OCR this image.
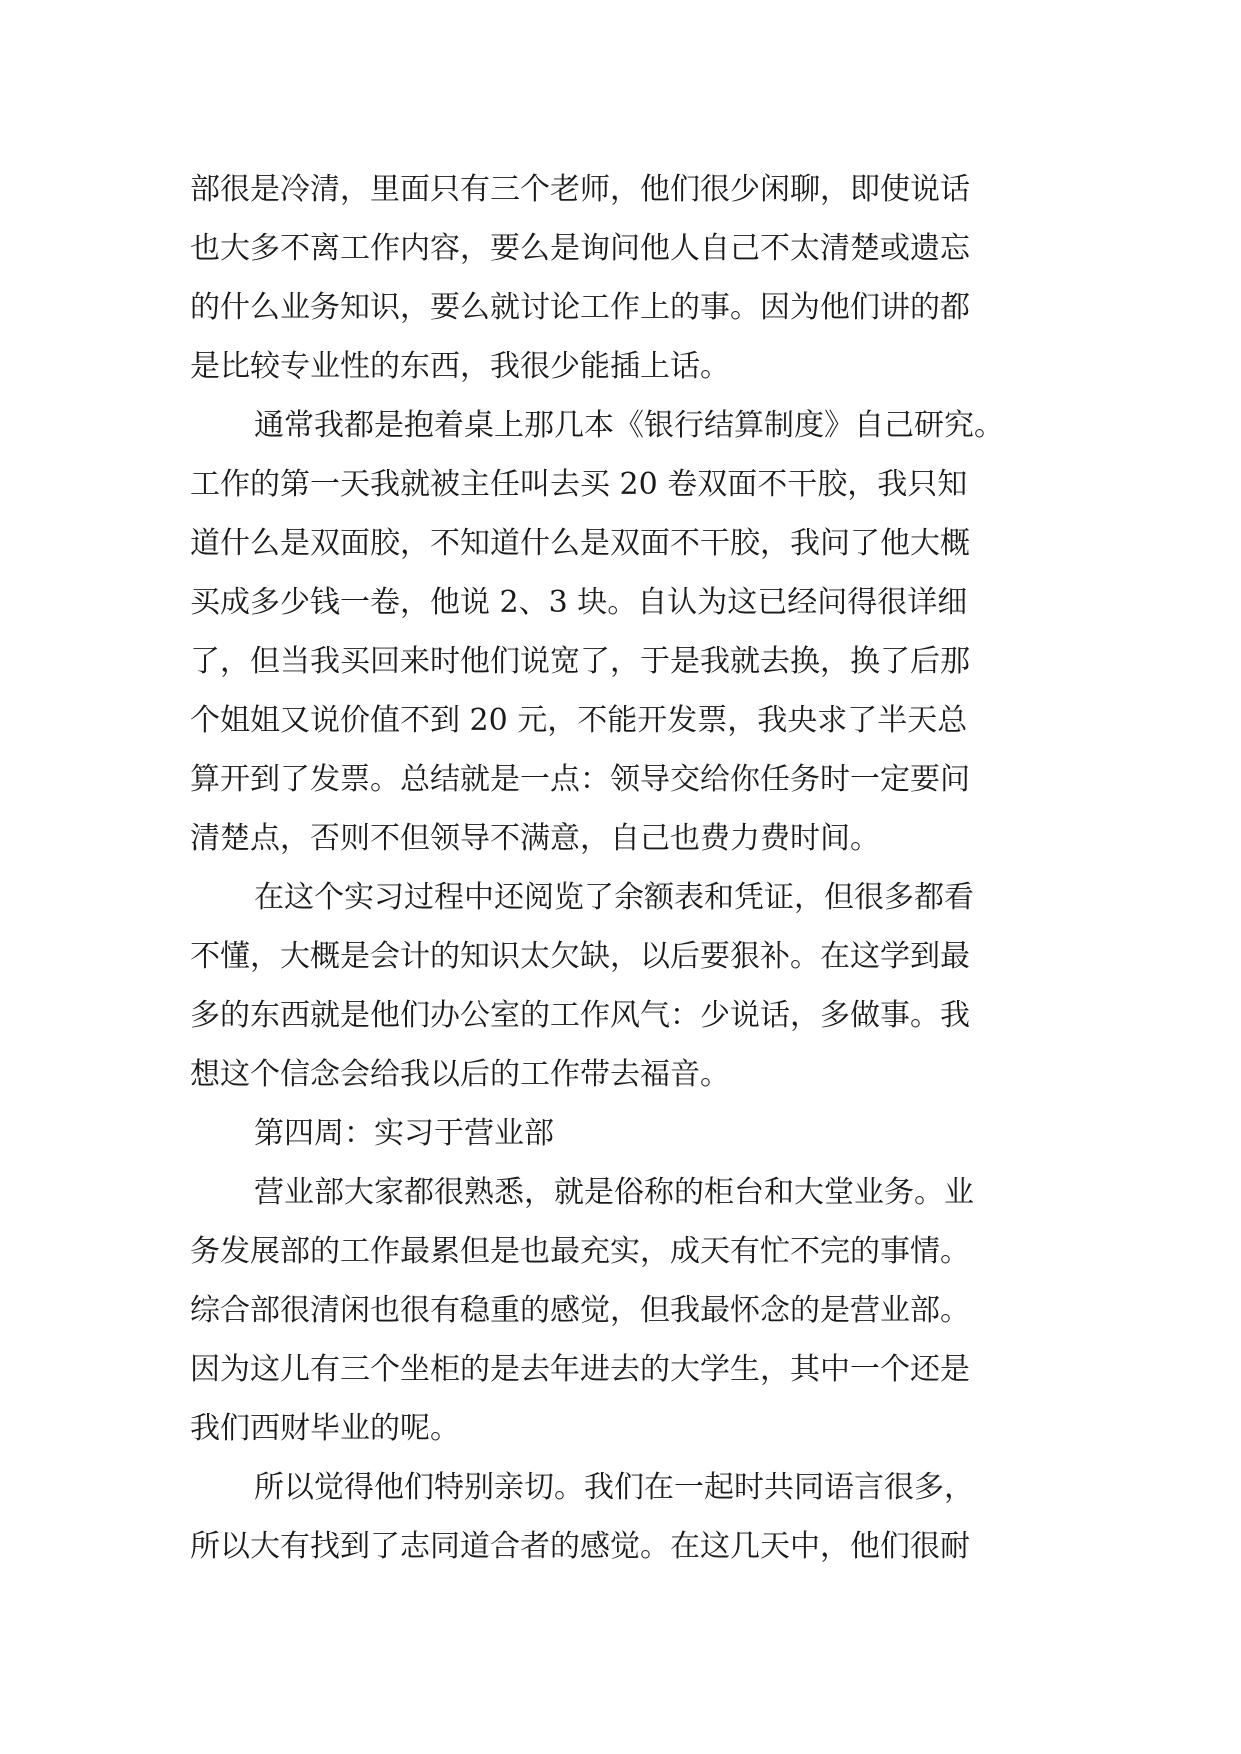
部很是冷清，里面只有三个老师，他们很少闲聊，即使说话
也大多不离工作内容，要么是询问他人自己不太清楚或遗忘
的什么业务知识，要么就讨论工作上的事。因为他们讲的都
是比较专业性的东西，我很少能插上话。
通常我都是抱着桌上那几本《银行结算制度》自己研究。
工作的第一天我就被主任叫去买 20 卷双面不干胶，我只知
道什么是双面胶，不知道什么是双面不干胶，我问了他大概
买成多少钱一卷，他说 2、3 块。自认为这已经问得很详细
了，但当我买回来时他们说宽了，于是我就去换，换了后那
个姐姐又说价值不到 20 元，不能开发票，我央求了半天总
算开到了发票。总结就是一点：领导交给你任务时一定要问
清楚点，否则不但领导不满意，自己也费力费时间。
在这个实习过程中还阅览了余额表和凭证，但很多都看
不懂，大概是会计的知识太欠缺，以后要狠补。在这学到最
多的东西就是他们办公室的工作风气：少说话，多做事。我
想这个信念会给我以后的工作带去福音。
第四周：实习于营业部
营业部大家都很熟悉，就是俗称的柜台和大堂业务。业
务发展部的工作最累但是也最充实，成天有忙不完的事情。
综合部很清闲也很有稳重的感觉，但我最怀念的是营业部。
因为这儿有三个坐柜的是去年进去的大学生，其中一个还是
我们西财毕业的呢。
所以觉得他们特别亲切。我们在一起时共同语言很多，
所以大有找到了志同道合者的感觉。在这几天中，他们很耐
